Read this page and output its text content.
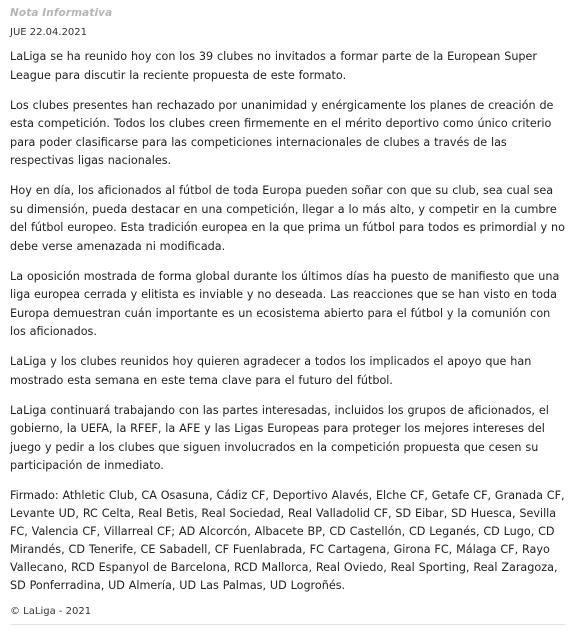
Nota Informativa
JUE 22.04.2021

LaLiga se ha reunido hoy con los 39 clubes no invitados a formar parte de la European Super League para discutir la reciente propuesta de este formato.

Los clubes presentes han rechazado por unanimidad y enérgicamente los planes de creación de esta competición. Todos los clubes creen firmemente en el mérito deportivo como único criterio para poder clasificarse para las competiciones internacionales de clubes a través de las respectivas ligas nacionales.

Hoy en día, los aficionados al fútbol de toda Europa pueden soñar con que su club, sea cual sea su dimensión, pueda destacar en una competición, llegar a lo más alto, y competir en la cumbre del fútbol europeo. Esta tradición europea en la que prima un fútbol para todos es primordial y no debe verse amenazada ni modificada.

La oposición mostrada de forma global durante los últimos días ha puesto de manifiesto que una liga europea cerrada y elitista es inviable y no deseada. Las reacciones que se han visto en toda Europa demuestran cuán importante es un ecosistema abierto para el fútbol y la comunión con los aficionados.

LaLiga y los clubes reunidos hoy quieren agradecer a todos los implicados el apoyo que han mostrado esta semana en este tema clave para el futuro del fútbol.

LaLiga continuará trabajando con las partes interesadas, incluidos los grupos de aficionados, el gobierno, la UEFA, la RFEF, la AFE y las Ligas Europeas para proteger los mejores intereses del juego y pedir a los clubes que siguen involucrados en la competición propuesta que cesen su participación de inmediato.

Firmado: Athletic Club, CA Osasuna, Cádiz CF, Deportivo Alavés, Elche CF, Getafe CF, Granada CF, Levante UD, RC Celta, Real Betis, Real Sociedad, Real Valladolid CF, SD Eibar, SD Huesca, Sevilla FC, Valencia CF, Villarreal CF; AD Alcorcón, Albacete BP, CD Castellón, CD Leganés, CD Lugo, CD Mirandés, CD Tenerife, CE Sabadell, CF Fuenlabrada, FC Cartagena, Girona FC, Málaga CF, Rayo Vallecano, RCD Espanyol de Barcelona, RCD Mallorca, Real Oviedo, Real Sporting, Real Zaragoza, SD Ponferradina, UD Almería, UD Las Palmas, UD Logroñés.

© LaLiga - 2021
